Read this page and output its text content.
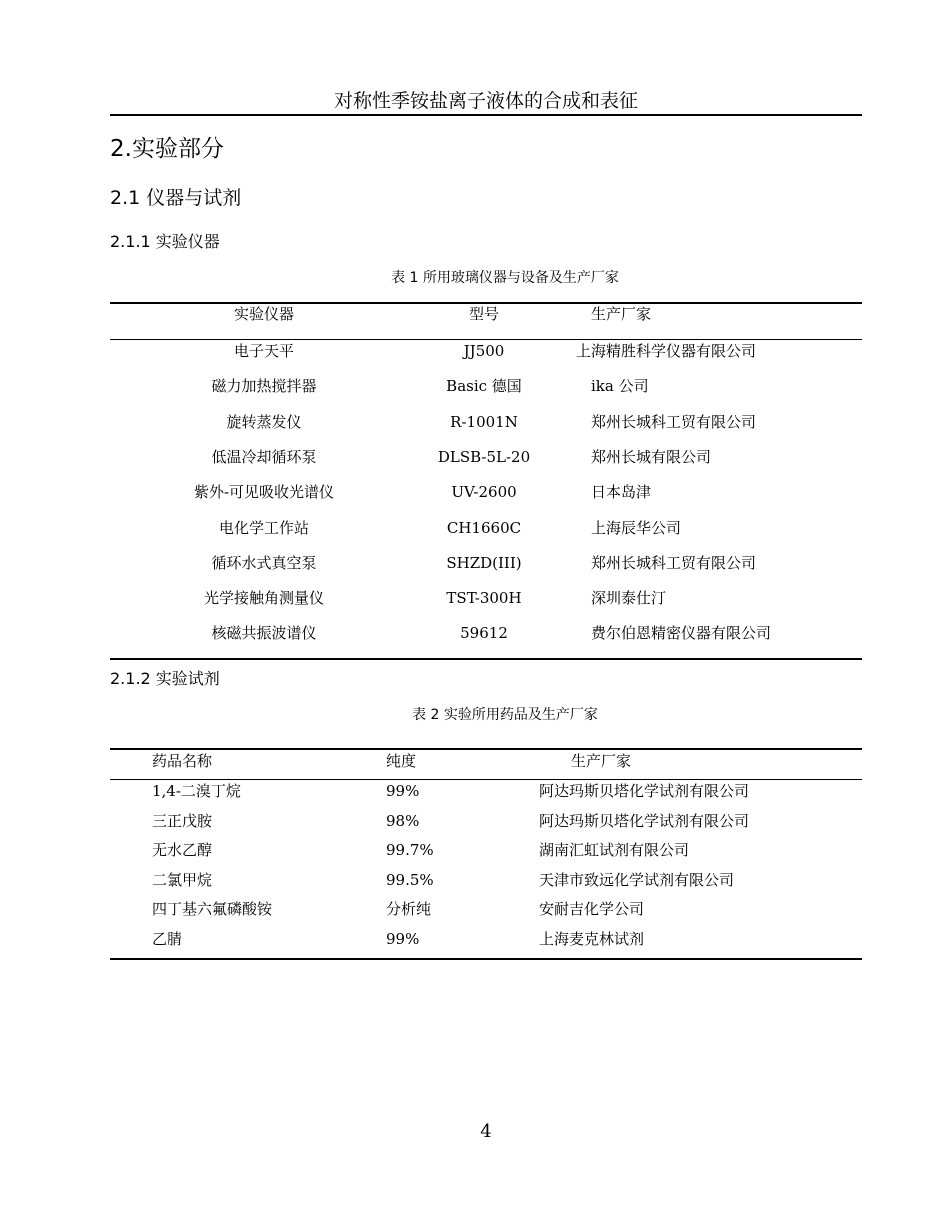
对称性季铵盐离子液体的合成和表征
2.实验部分
2.1 仪器与试剂
2.1.1 实验仪器
表 1 所用玻璃仪器与设备及生产厂家
实验仪器	型号	生产厂家
电子天平	JJ500	上海精胜科学仪器有限公司
磁力加热搅拌器	Basic 德国	ika 公司
旋转蒸发仪	R-1001N	郑州长城科工贸有限公司
低温冷却循环泵	DLSB-5L-20	郑州长城有限公司
紫外-可见吸收光谱仪	UV-2600	日本岛津
电化学工作站	CH1660C	上海辰华公司
循环水式真空泵	SHZD(III)	郑州长城科工贸有限公司
光学接触角测量仪	TST-300H	深圳泰仕汀
核磁共振波谱仪	59612	费尔伯恩精密仪器有限公司
2.1.2 实验试剂
表 2 实验所用药品及生产厂家
药品名称	纯度	生产厂家
1,4-二溴丁烷	99%	阿达玛斯贝塔化学试剂有限公司
三正戊胺	98%	阿达玛斯贝塔化学试剂有限公司
无水乙醇	99.7%	湖南汇虹试剂有限公司
二氯甲烷	99.5%	天津市致远化学试剂有限公司
四丁基六氟磷酸铵	分析纯	安耐吉化学公司
乙腈	99%	上海麦克林试剂
4
